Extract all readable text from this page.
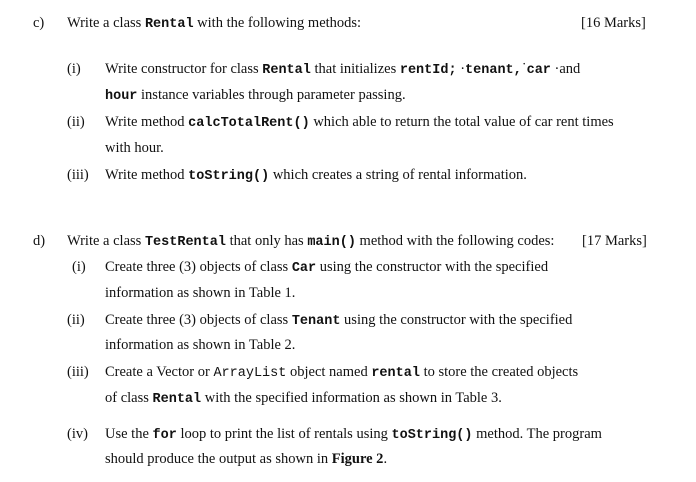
c) Write a class Rental with the following methods:	[16 Marks]
(i) Write constructor for class Rental that initializes rentId; ·tenant,˙car ·and
hour instance variables through parameter passing.
(ii) Write method calcTotalRent() which able to return the total value of car rent times
with hour.
(iii) Write method toString() which creates a string of rental information.
d) Write a class TestRental that only has main() method with the following codes: [17 Marks]
(i) Create three (3) objects of class Car using the constructor with the specified
information as shown in Table 1.
(ii) Create three (3) objects of class Tenant using the constructor with the specified
information as shown in Table 2.
(iii) Create a Vector or ArrayList object named rental to store the created objects
of class Rental with the specified information as shown in Table 3.
(iv) Use the for loop to print the list of rentals using toString() method. The program
should produce the output as shown in Figure 2.
